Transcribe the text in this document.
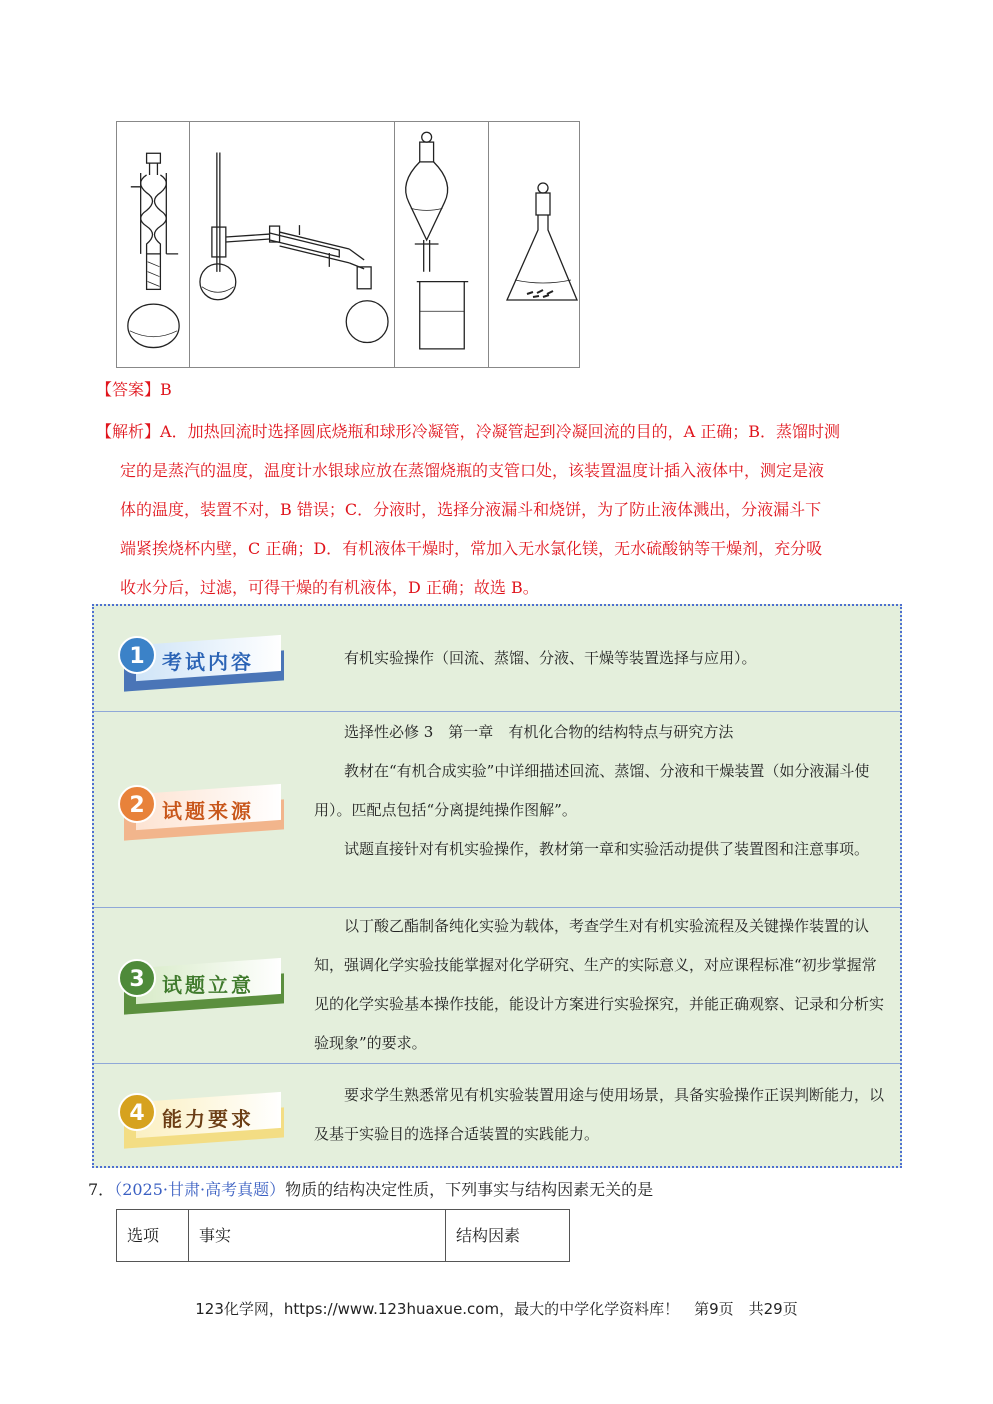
【答案】B
【解析】A．加热回流时选择圆底烧瓶和球形冷凝管，冷凝管起到冷凝回流的目的，A 正确；B．蒸馏时测
定的是蒸汽的温度，温度计水银球应放在蒸馏烧瓶的支管口处，该装置温度计插入液体中，测定是液
体的温度，装置不对，B 错误；C．分液时，选择分液漏斗和烧饼，为了防止液体溅出，分液漏斗下
端紧挨烧杯内壁，C 正确；D．有机液体干燥时，常加入无水氯化镁，无水硫酸钠等干燥剂，充分吸
收水分后，过滤，可得干燥的有机液体，D 正确；故选 B。
1 考试内容	有机实验操作（回流、蒸馏、分液、干燥等装置选择与应用）。

2 试题来源

选择性必修 3　第一章　有机化合物的结构特点与研究方法

教材在“有机合成实验”中详细描述回流、蒸馏、分液和干燥装置（如分液漏斗使用）。匹配点包括“分离提纯操作图解”。

试题直接针对有机实验操作，教材第一章和实验活动提供了装置图和注意事项。

3 试题立意

以丁酸乙酯制备纯化实验为载体，考查学生对有机实验流程及关键操作装置的认知，强调化学实验技能掌握对化学研究、生产的实际意义，对应课程标准“初步掌握常见的化学实验基本操作技能，能设计方案进行实验探究，并能正确观察、记录和分析实验现象”的要求。

4 能力要求

要求学生熟悉常见有机实验装置用途与使用场景，具备实验操作正误判断能力，以及基于实验目的选择合适装置的实践能力。

7．（2025·甘肃·高考真题）物质的结构决定性质，下列事实与结构因素无关的是
选项	事实	结构因素
123化学网，https://www.123huaxue.com，最大的中学化学资料库！　第9页　共29页
